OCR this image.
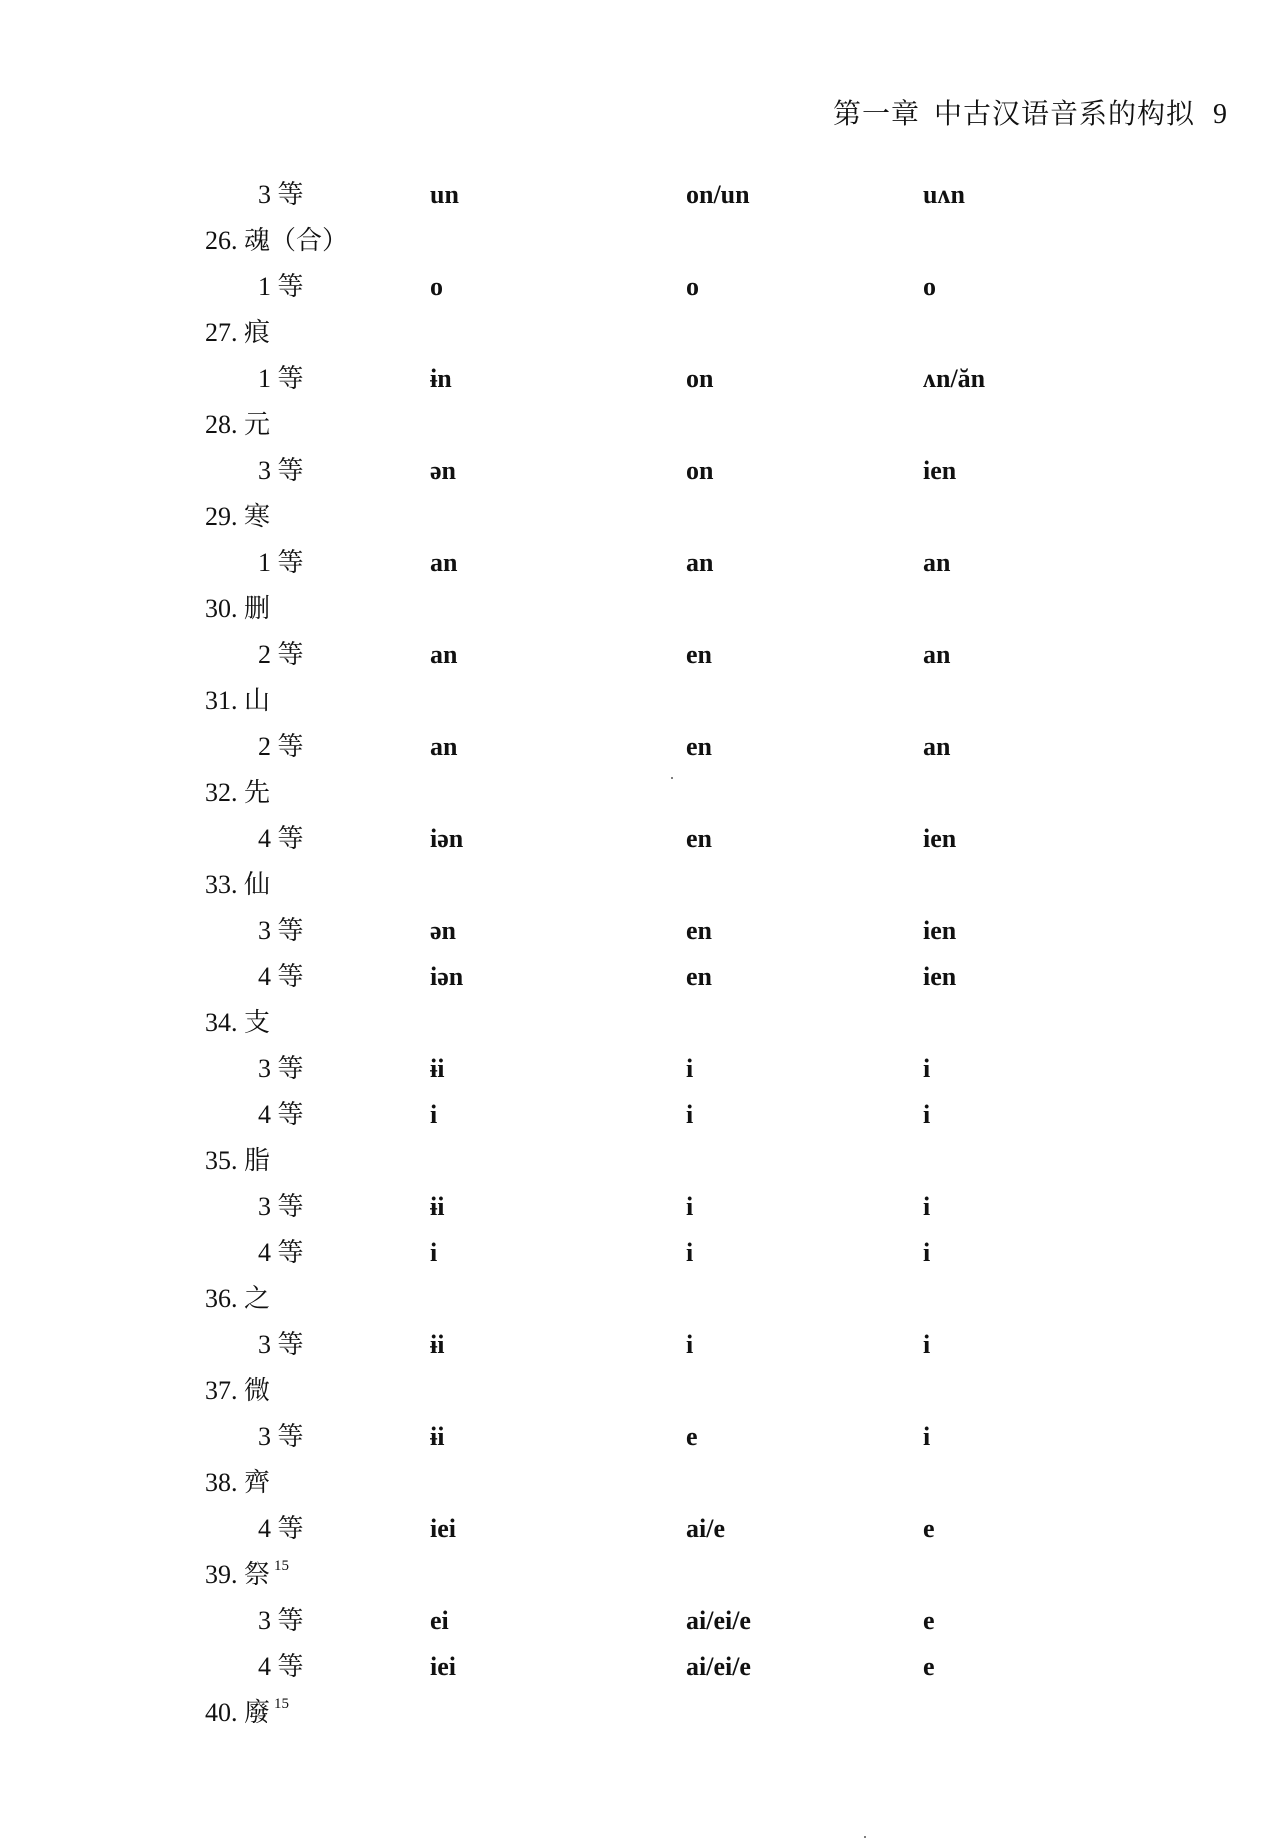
第一章 中古汉语音系的构拟 9
3 等	un	on/un	uʌn
26. 魂（合）
1 等	o	o	o
27. 痕
1 等	ɨn	on	ʌn/ăn
28. 元
3 等	ən	on	ien
29. 寒
1 等	an	an	an
30. 删
2 等	an	en	an
31. 山
2 等	an	en	an
32. 先
4 等	iən	en	ien
33. 仙
3 等	ən	en	ien
4 等	iən	en	ien
34. 支
3 等	ɨi	i	i
4 等	i	i	i
35. 脂
3 等	ɨi	i	i
4 等	i	i	i
36. 之
3 等	ɨi	i	i
37. 微
3 等	ɨi	e	i
38. 齊
4 等	iei	ai/e	e
39. 祭 $^{15}$
3 等	ei	ai/ei/e	e
4 等	iei	ai/ei/e	e
40. 廢 $^{15}$
